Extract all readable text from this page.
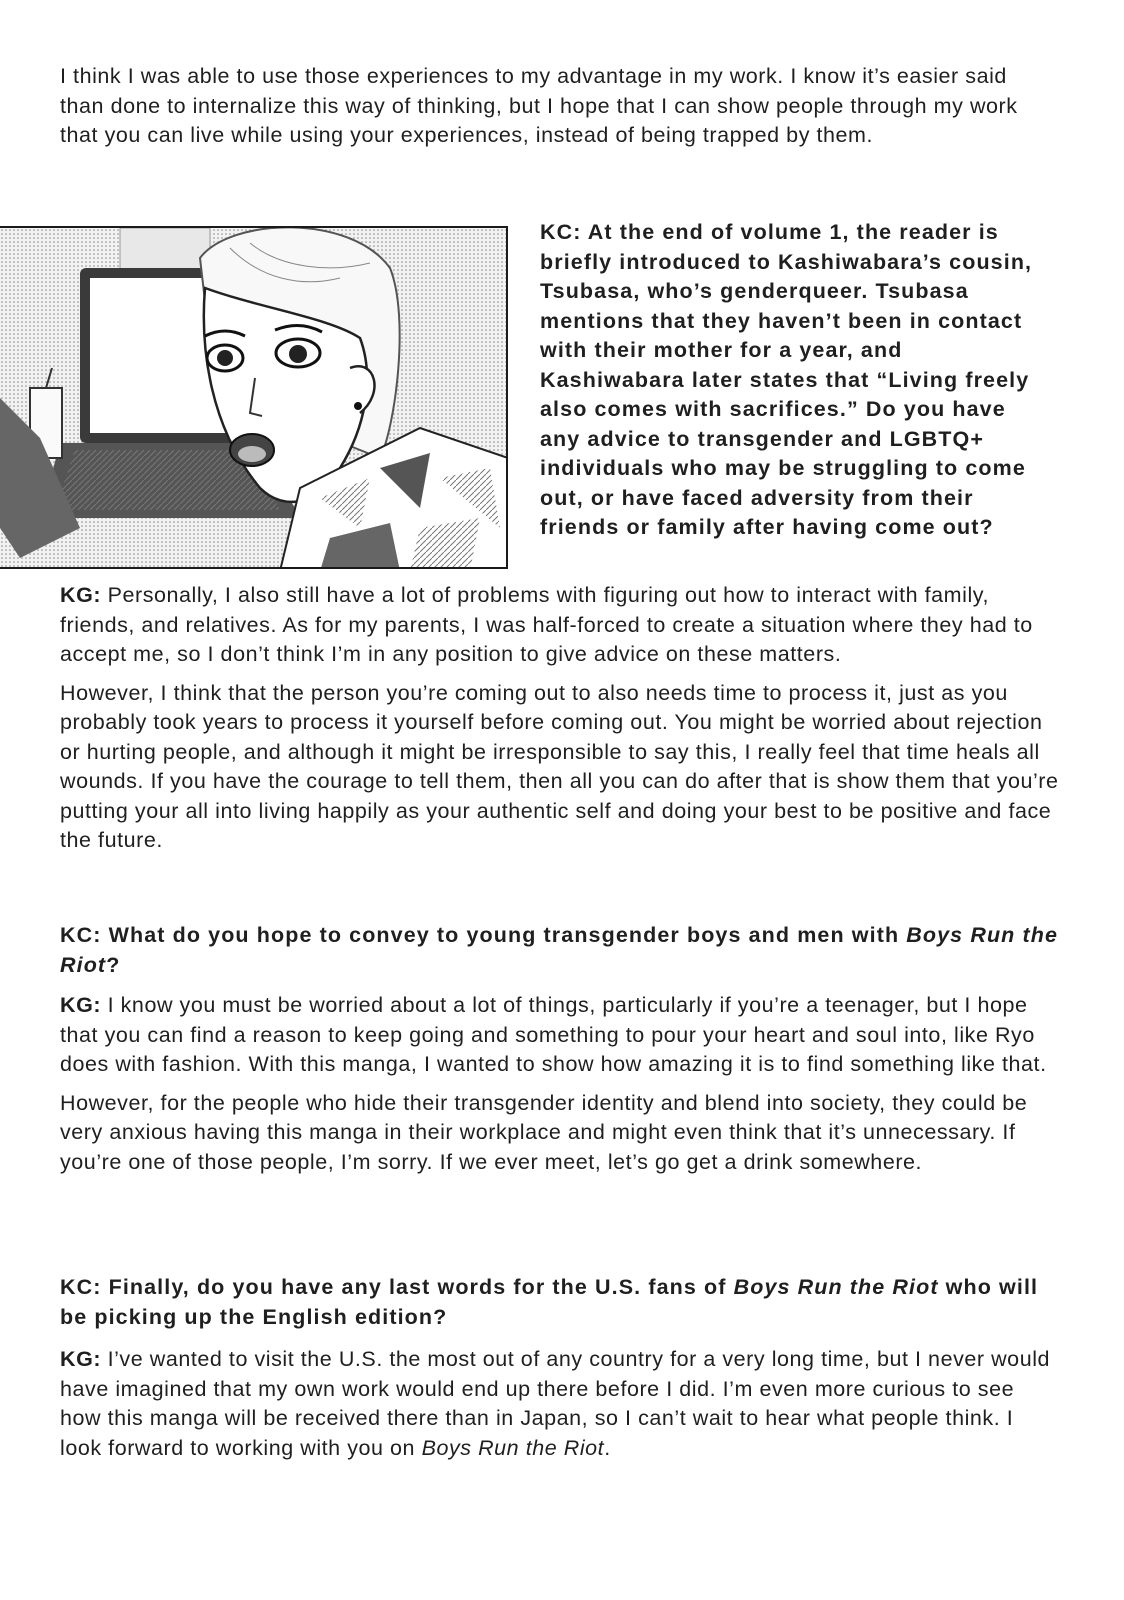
I think I was able to use those experiences to my advantage in my work. I know it’s easier said than done to internalize this way of thinking, but I hope that I can show people through my work that you can live while using your experiences, instead of being trapped by them.

KC: At the end of volume 1, the reader is briefly introduced to Kashiwabara’s cousin, Tsubasa, who’s genderqueer. Tsubasa mentions that they haven’t been in contact with their mother for a year, and Kashiwabara later states that “Living freely also comes with sacrifices.” Do you have any advice to transgender and LGBTQ+ individuals who may be struggling to come out, or have faced adversity from their friends or family after having come out?

KG: Personally, I also still have a lot of problems with figuring out how to interact with family, friends, and relatives. As for my parents, I was half-forced to create a situation where they had to accept me, so I don’t think I’m in any position to give advice on these matters.

However, I think that the person you’re coming out to also needs time to process it, just as you probably took years to process it yourself before coming out. You might be worried about rejection or hurting people, and although it might be irresponsible to say this, I really feel that time heals all wounds. If you have the courage to tell them, then all you can do after that is show them that you’re putting your all into living happily as your authentic self and doing your best to be positive and face the future.

KC: What do you hope to convey to young transgender boys and men with Boys Run the Riot?

KG: I know you must be worried about a lot of things, particularly if you’re a teenager, but I hope that you can find a reason to keep going and something to pour your heart and soul into, like Ryo does with fashion. With this manga, I wanted to show how amazing it is to find something like that.

However, for the people who hide their transgender identity and blend into society, they could be very anxious having this manga in their workplace and might even think that it’s unnecessary. If you’re one of those people, I’m sorry. If we ever meet, let’s go get a drink somewhere.

KC: Finally, do you have any last words for the U.S. fans of Boys Run the Riot who will be picking up the English edition?

KG: I’ve wanted to visit the U.S. the most out of any country for a very long time, but I never would have imagined that my own work would end up there before I did. I’m even more curious to see how this manga will be received there than in Japan, so I can’t wait to hear what people think. I look forward to working with you on Boys Run the Riot.
